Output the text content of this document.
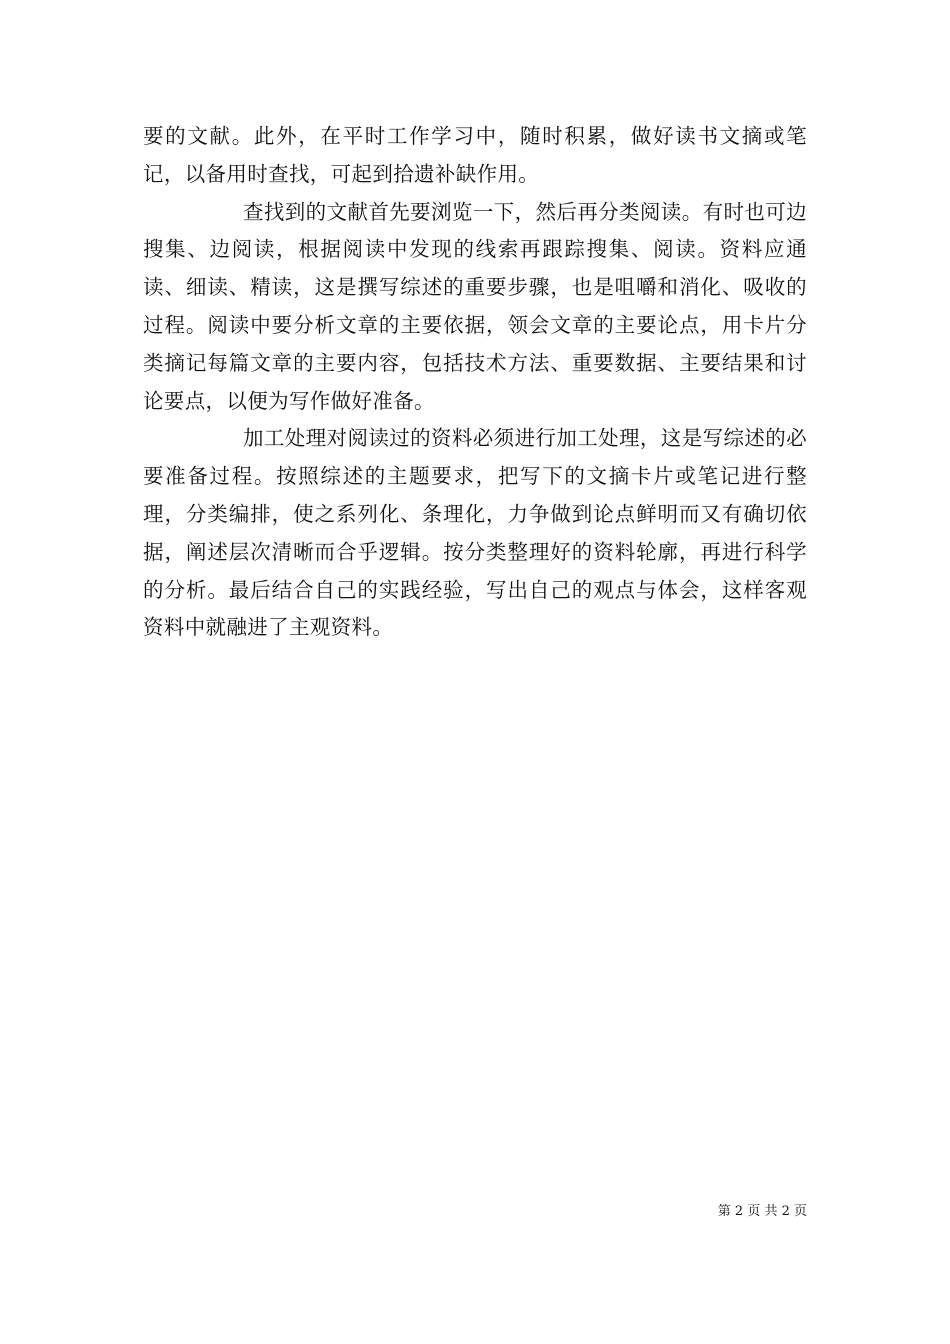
要的文献。此外，在平时工作学习中，随时积累，做好读书文摘或笔记，以备用时查找，可起到拾遗补缺作用。

查找到的文献首先要浏览一下，然后再分类阅读。有时也可边搜集、边阅读，根据阅读中发现的线索再跟踪搜集、阅读。资料应通读、细读、精读，这是撰写综述的重要步骤，也是咀嚼和消化、吸收的过程。阅读中要分析文章的主要依据，领会文章的主要论点，用卡片分类摘记每篇文章的主要内容，包括技术方法、重要数据、主要结果和讨论要点，以便为写作做好准备。

加工处理对阅读过的资料必须进行加工处理，这是写综述的必要准备过程。按照综述的主题要求，把写下的文摘卡片或笔记进行整理，分类编排，使之系列化、条理化，力争做到论点鲜明而又有确切依据，阐述层次清晰而合乎逻辑。按分类整理好的资料轮廓，再进行科学的分析。最后结合自己的实践经验，写出自己的观点与体会，这样客观资料中就融进了主观资料。

第 2 页 共 2 页
